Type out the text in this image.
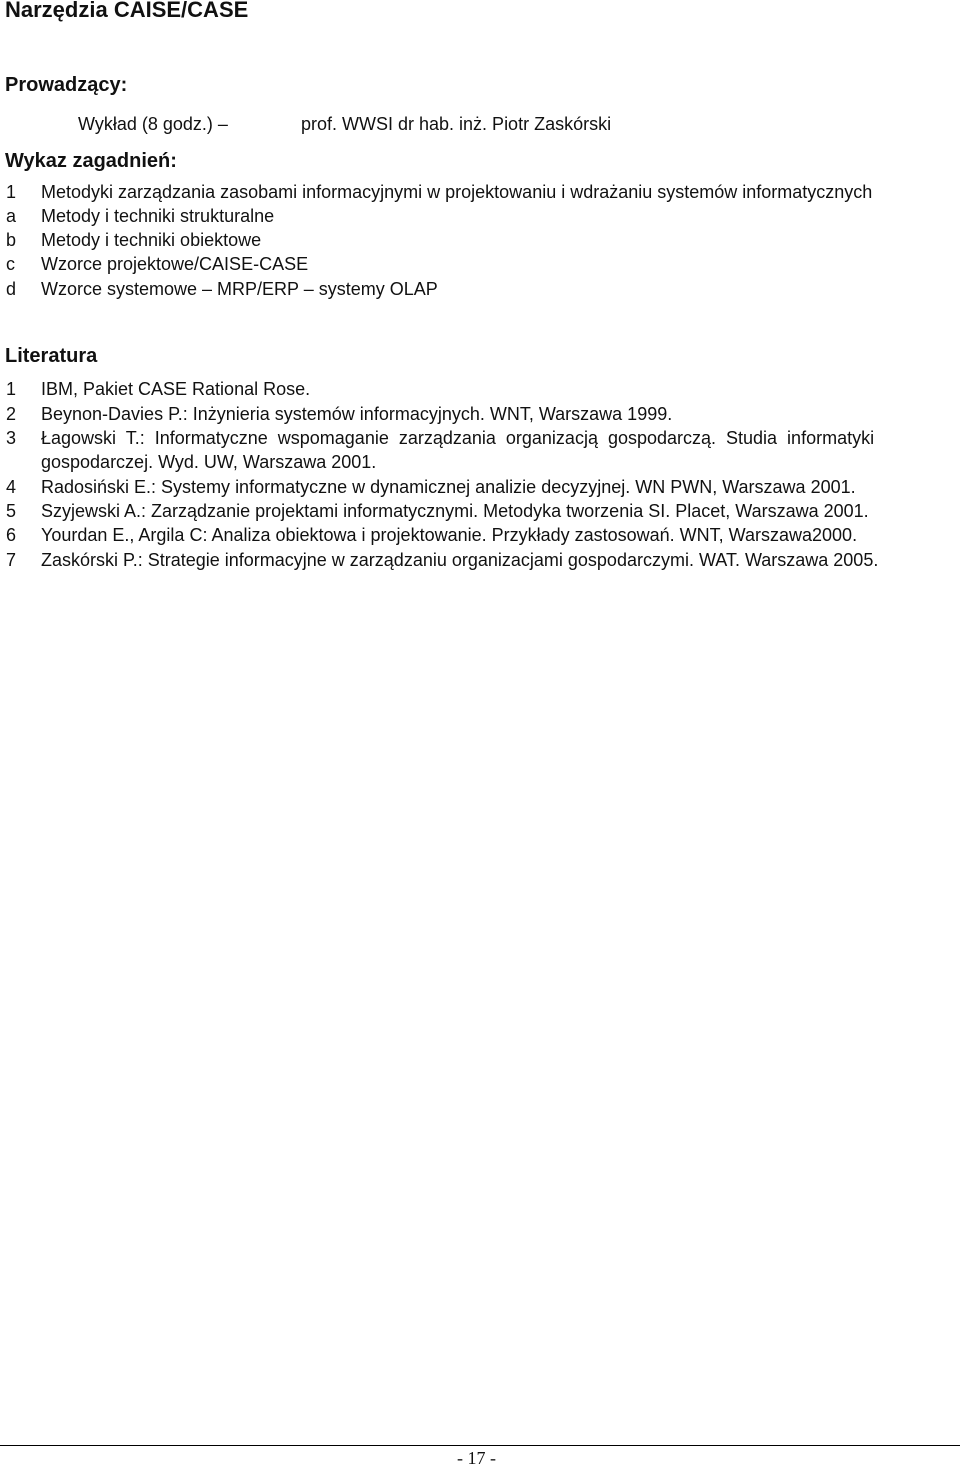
Narzędzia CAISE/CASE
Prowadzący:
Wykład (8 godz.) –	prof. WWSI dr hab. inż. Piotr Zaskórski
Wykaz zagadnień:
1 Metodyki zarządzania zasobami informacyjnymi w projektowaniu i wdrażaniu systemów informatycznych
a Metody i techniki strukturalne
b Metody i techniki obiektowe
c Wzorce projektowe/CAISE-CASE
d Wzorce systemowe – MRP/ERP – systemy OLAP
Literatura
1 IBM, Pakiet CASE Rational Rose.
2 Beynon-Davies P.: Inżynieria systemów informacyjnych. WNT, Warszawa 1999.
3 Łagowski T.: Informatyczne wspomaganie zarządzania organizacją gospodarczą. Studia informatyki
gospodarczej. Wyd. UW, Warszawa 2001.
4 Radosiński E.: Systemy informatyczne w dynamicznej analizie decyzyjnej. WN PWN, Warszawa 2001.
5 Szyjewski A.: Zarządzanie projektami informatycznymi. Metodyka tworzenia SI. Placet, Warszawa 2001.
6 Yourdan E., Argila C: Analiza obiektowa i projektowanie. Przykłady zastosowań. WNT, Warszawa2000.
7 Zaskórski P.: Strategie informacyjne w zarządzaniu organizacjami gospodarczymi. WAT. Warszawa 2005.
- 17 -
